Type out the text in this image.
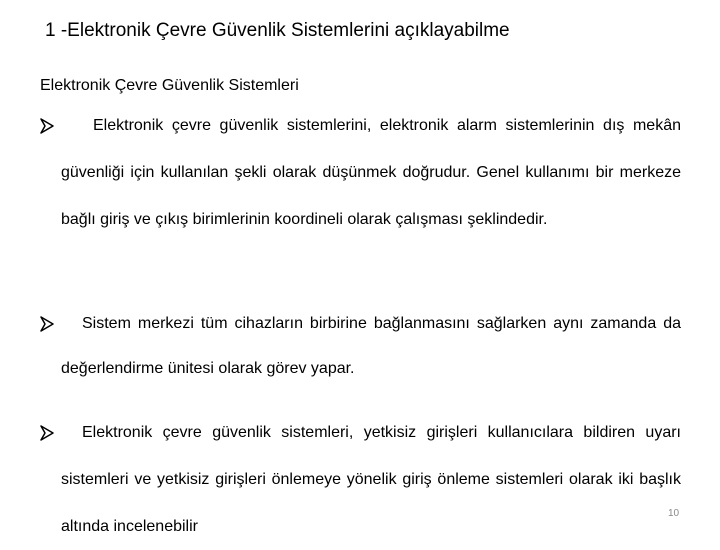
1 -Elektronik Çevre Güvenlik Sistemlerini açıklayabilme
Elektronik Çevre Güvenlik Sistemleri

Elektronik çevre güvenlik sistemlerini, elektronik alarm sistemlerinin dış mekân güvenliği için kullanılan şekli olarak düşünmek doğrudur. Genel kullanımı bir merkeze bağlı giriş ve çıkış birimlerinin koordineli olarak çalışması şeklindedir.

Sistem merkezi tüm cihazların birbirine bağlanmasını sağlarken aynı zamanda da değerlendirme ünitesi olarak görev yapar.

Elektronik çevre güvenlik sistemleri, yetkisiz girişleri kullanıcılara bildiren uyarı sistemleri ve yetkisiz girişleri önlemeye yönelik giriş önleme sistemleri olarak iki başlık altında incelenebilir

10
